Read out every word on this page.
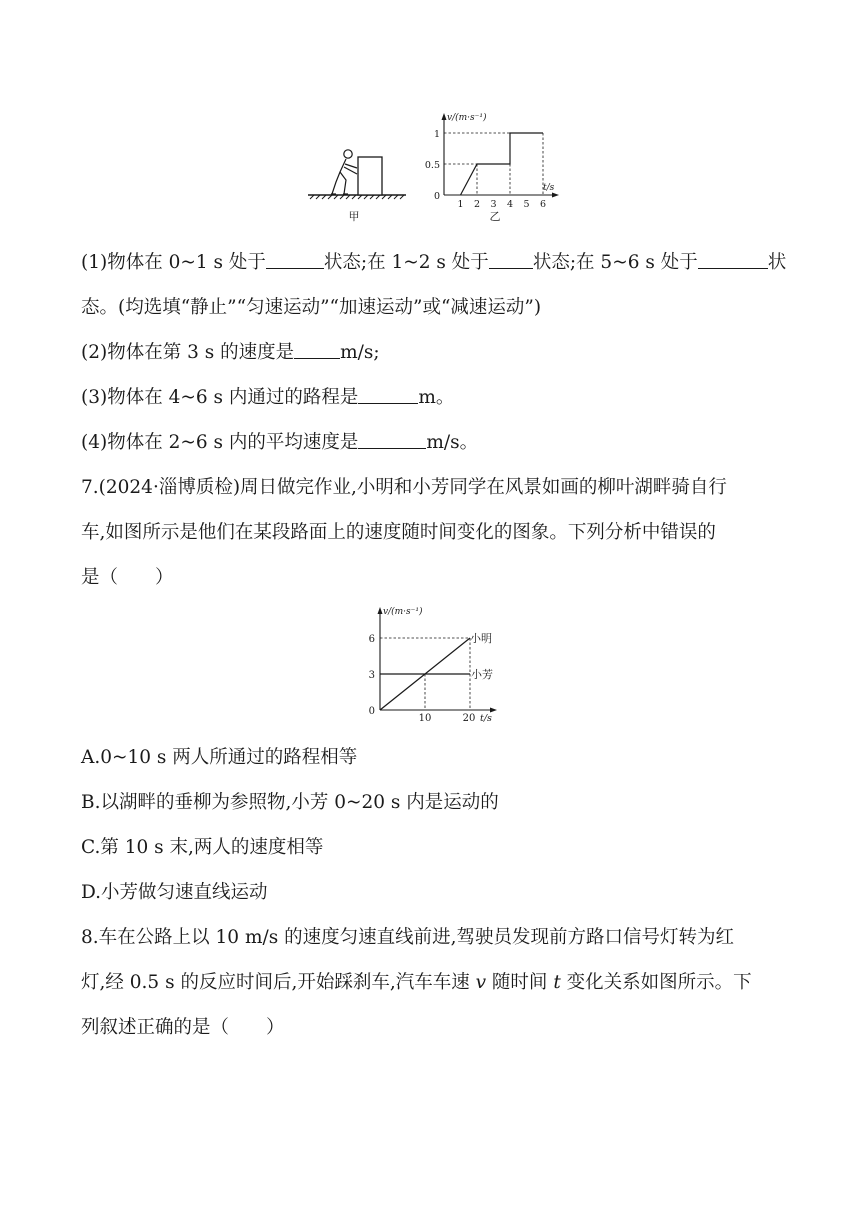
甲
v/(m·s⁻¹)
t/s
0.5
1
0
1 2 3 4 5 6
乙
(1)物体在 0~1 s 处于	状态;在 1~2 s 处于 状态;在 5~6 s 处于	状
态。(均选填“静止”“匀速运动”“加速运动”或“减速运动”)
(2)物体在第 3 s 的速度是 m/s;
(3)物体在 4~6 s 内通过的路程是	m。
(4)物体在 2~6 s 内的平均速度是	m/s。
7.(2024·淄博质检)周日做完作业,小明和小芳同学在风景如画的柳叶湖畔骑自行
车,如图所示是他们在某段路面上的速度随时间变化的图象。下列分析中错误的
是（　　）
v/(m·s⁻¹)
t/s
3
6
0
10	20
小明
小芳
A.0~10 s 两人所通过的路程相等
B.以湖畔的垂柳为参照物,小芳 0~20 s 内是运动的
C.第 10 s 末,两人的速度相等
D.小芳做匀速直线运动
8.车在公路上以 10 m/s 的速度匀速直线前进,驾驶员发现前方路口信号灯转为红
灯,经 0.5 s 的反应时间后,开始踩刹车,汽车车速 v 随时间 t 变化关系如图所示。下
列叙述正确的是（　　）
